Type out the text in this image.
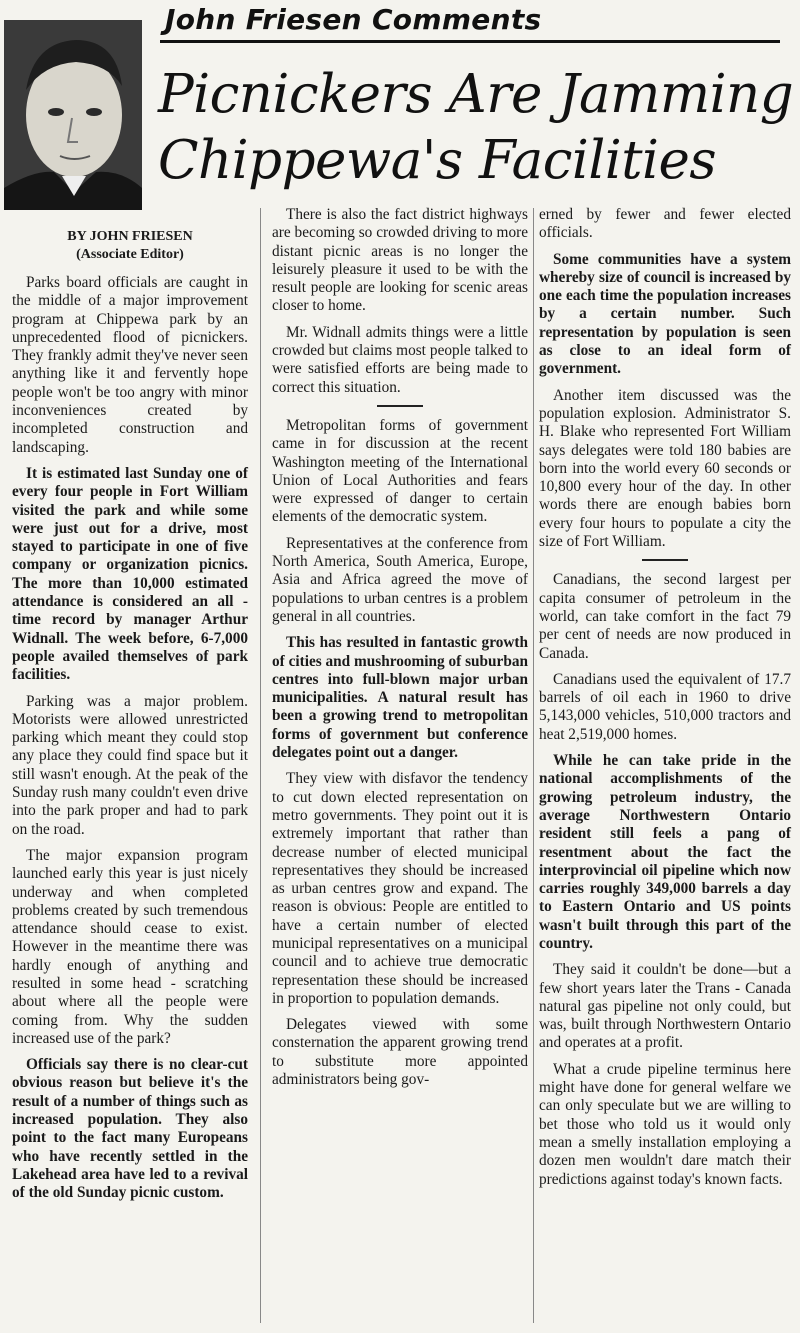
John Friesen Comments
Picnickers Are Jamming
Chippewa's Facilities
BY JOHN FRIESEN
(Associate Editor)

Parks board officials are caught in the middle of a major improvement program at Chippewa park by an unprecedented flood of picnickers. They frankly admit they've never seen anything like it and fervently hope people won't be too angry with minor inconveniences created by incompleted construction and landscaping.

It is estimated last Sunday one of every four people in Fort William visited the park and while some were just out for a drive, most stayed to participate in one of five company or organization picnics. The more than 10,000 estimated attendance is considered an all - time record by manager Arthur Widnall. The week before, 6-7,000 people availed themselves of park facilities.

Parking was a major problem. Motorists were allowed unrestricted parking which meant they could stop any place they could find space but it still wasn't enough. At the peak of the Sunday rush many couldn't even drive into the park proper and had to park on the road.

The major expansion program launched early this year is just nicely underway and when completed problems created by such tremendous attendance should cease to exist. However in the meantime there was hardly enough of anything and resulted in some head - scratching about where all the people were coming from. Why the sudden increased use of the park?

Officials say there is no clear-cut obvious reason but believe it's the result of a number of things such as increased population. They also point to the fact many Europeans who have recently settled in the Lakehead area have led to a revival of the old Sunday picnic custom.

There is also the fact district highways are becoming so crowded driving to more distant picnic areas is no longer the leisurely pleasure it used to be with the result people are looking for scenic areas closer to home.

Mr. Widnall admits things were a little crowded but claims most people talked to were satisfied efforts are being made to correct this situation.

Metropolitan forms of government came in for discussion at the recent Washington meeting of the International Union of Local Authorities and fears were expressed of danger to certain elements of the democratic system.

Representatives at the conference from North America, South America, Europe, Asia and Africa agreed the move of populations to urban centres is a problem general in all countries.

This has resulted in fantastic growth of cities and mushrooming of suburban centres into full-blown major urban municipalities. A natural result has been a growing trend to metropolitan forms of government but conference delegates point out a danger.

They view with disfavor the tendency to cut down elected representation on metro governments. They point out it is extremely important that rather than decrease number of elected municipal representatives they should be increased as urban centres grow and expand. The reason is obvious: People are entitled to have a certain number of elected municipal representatives on a municipal council and to achieve true democratic representation these should be increased in proportion to population demands.

Delegates viewed with some consternation the apparent growing trend to substitute more appointed administrators being gov-

erned by fewer and fewer elected officials.

Some communities have a system whereby size of council is increased by one each time the population increases by a certain number. Such representation by population is seen as close to an ideal form of government.

Another item discussed was the population explosion. Administrator S. H. Blake who represented Fort William says delegates were told 180 babies are born into the world every 60 seconds or 10,800 every hour of the day. In other words there are enough babies born every four hours to populate a city the size of Fort William.

Canadians, the second largest per capita consumer of petroleum in the world, can take comfort in the fact 79 per cent of needs are now produced in Canada.

Canadians used the equivalent of 17.7 barrels of oil each in 1960 to drive 5,143,000 vehicles, 510,000 tractors and heat 2,519,000 homes.

While he can take pride in the national accomplishments of the growing petroleum industry, the average Northwestern Ontario resident still feels a pang of resentment about the fact the interprovincial oil pipeline which now carries roughly 349,000 barrels a day to Eastern Ontario and US points wasn't built through this part of the country.

They said it couldn't be done—but a few short years later the Trans - Canada natural gas pipeline not only could, but was, built through Northwestern Ontario and operates at a profit.

What a crude pipeline terminus here might have done for general welfare we can only speculate but we are willing to bet those who told us it would only mean a smelly installation employing a dozen men wouldn't dare match their predictions against today's known facts.
